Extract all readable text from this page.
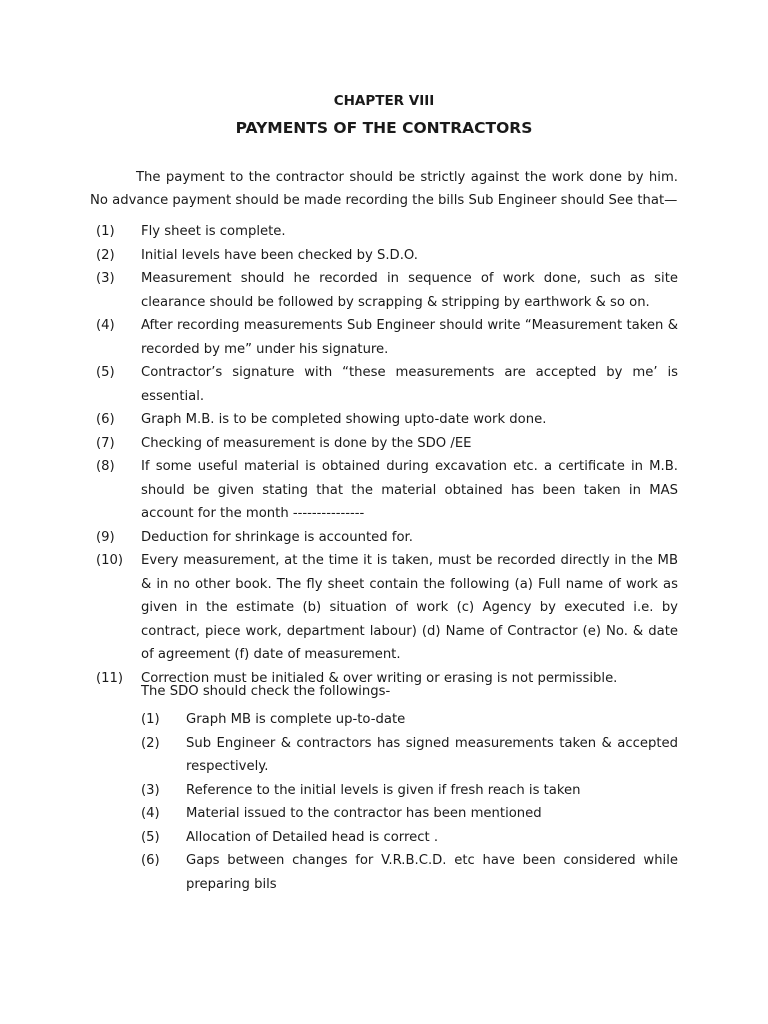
CHAPTER VIII
PAYMENTS OF THE CONTRACTORS

The payment to the contractor should be strictly against the work done by him. No advance payment should be made recording the bills Sub Engineer should See that—

(1) Fly sheet is complete.
(2) Initial levels have been checked by S.D.O.
(3) Measurement should he recorded in sequence of work done, such as site clearance should be followed by scrapping & stripping by earthwork & so on.
(4) After recording measurements Sub Engineer should write “Measurement taken & recorded by me” under his signature.
(5) Contractor’s signature with “these measurements are accepted by me’ is essential.
(6) Graph M.B. is to be completed showing upto-date work done.
(7) Checking of measurement is done by the SDO /EE
(8) If some useful material is obtained during excavation etc. a certificate in M.B. should be given stating that the material obtained has been taken in MAS account for the month ---------------
(9) Deduction for shrinkage is accounted for.
(10) Every measurement, at the time it is taken, must be recorded directly in the MB & in no other book. The fly sheet contain the following (a) Full name of work as given in the estimate (b) situation of work (c) Agency by executed i.e. by contract, piece work, department labour) (d) Name of Contractor (e) No. & date of agreement (f) date of measurement.
(11) Correction must be initialed & over writing or erasing is not permissible.
The SDO should check the followings-
(1) Graph MB is complete up-to-date
(2) Sub Engineer & contractors has signed measurements taken & accepted respectively.
(3) Reference to the initial levels is given if fresh reach is taken
(4) Material issued to the contractor has been mentioned
(5) Allocation of Detailed head is correct .
(6) Gaps between changes for V.R.B.C.D. etc have been considered while preparing bils
